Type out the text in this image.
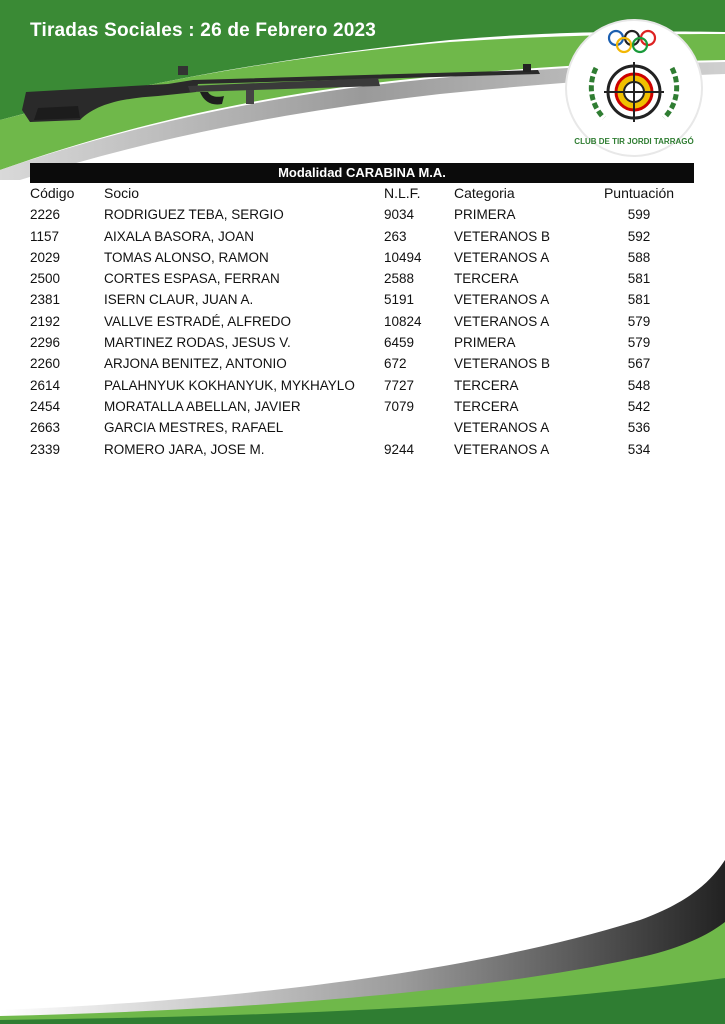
Tiradas Sociales : 26 de Febrero 2023
CLUB DE TIR JORDI TARRAGÓ
Modalidad CARABINA M.A.
Código	Socio	N.L.F.	Categoria	Puntuación
2226	RODRIGUEZ TEBA, SERGIO	9034	PRIMERA	599
1157	AIXALA BASORA, JOAN	263	VETERANOS B	592
2029	TOMAS ALONSO, RAMON	10494	VETERANOS A	588
2500	CORTES ESPASA, FERRAN	2588	TERCERA	581
2381	ISERN CLAUR, JUAN A.	5191	VETERANOS A	581
2192	VALLVE ESTRADÉ, ALFREDO	10824	VETERANOS A	579
2296	MARTINEZ RODAS, JESUS V.	6459	PRIMERA	579
2260	ARJONA BENITEZ, ANTONIO	672	VETERANOS B	567
2614	PALAHNYUK KOKHANYUK, MYKHAYLO	7727	TERCERA	548
2454	MORATALLA ABELLAN, JAVIER	7079	TERCERA	542
2663	GARCIA MESTRES, RAFAEL		VETERANOS A	536
2339	ROMERO JARA, JOSE M.	9244	VETERANOS A	534
